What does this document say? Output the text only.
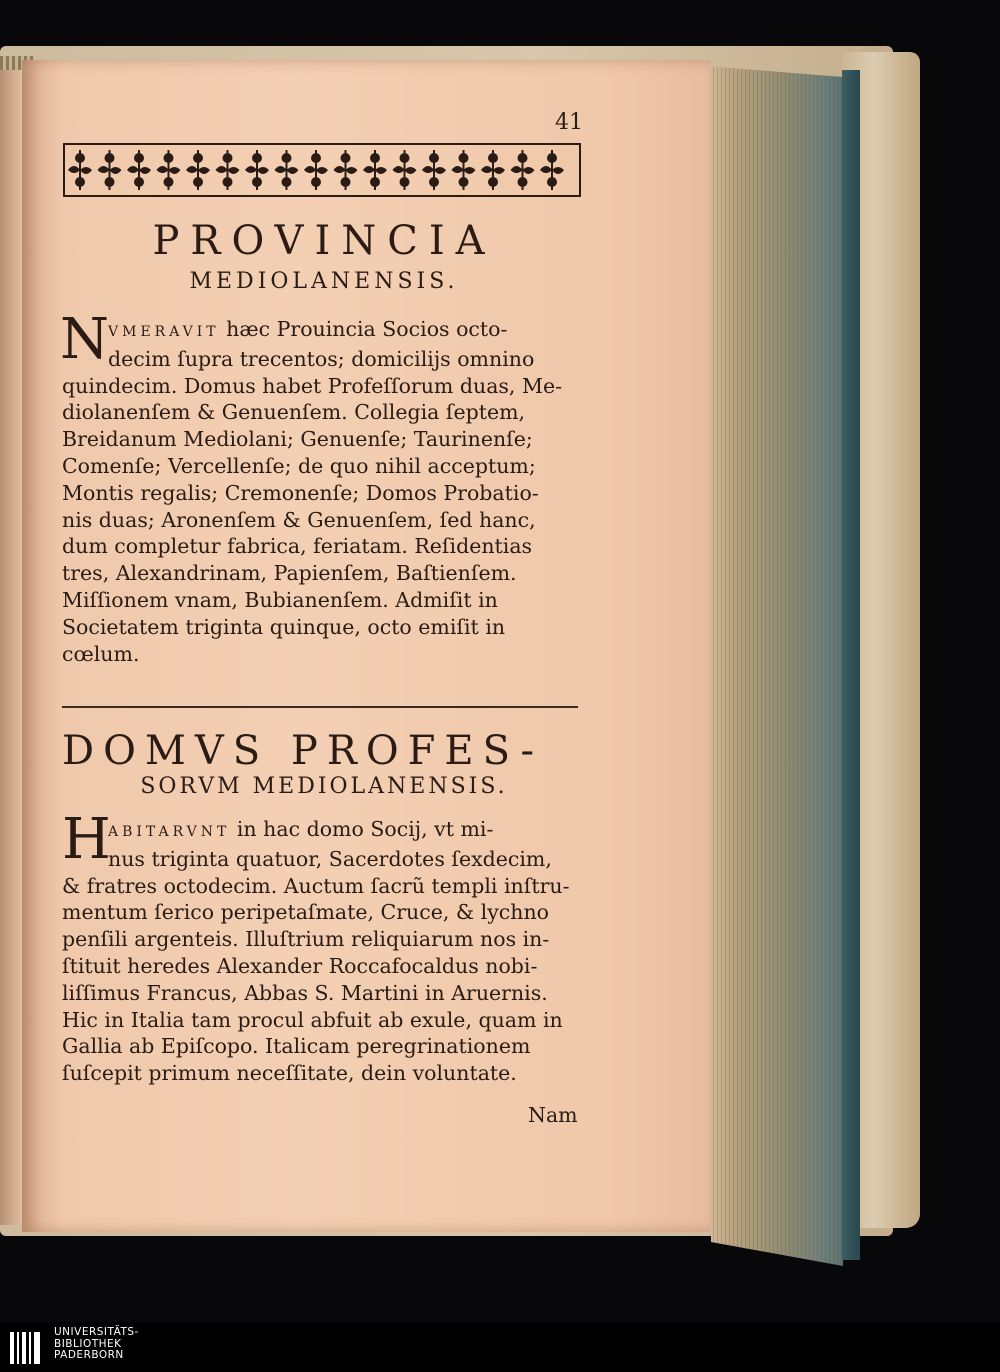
41
PROVINCIA
MEDIOLANENSIS.
N VMERAVIT hæc Prouincia Socios octo-
decim ſupra trecentos; domicilijs omnino
quindecim. Domus habet Profeſſorum duas, Me-
diolanenſem & Genuenſem. Collegia ſeptem,
Breidanum Mediolani; Genuenſe; Taurinenſe;
Comenſe; Vercellenſe; de quo nihil acceptum;
Montis regalis; Cremonenſe; Domos Probatio-
nis duas; Aronenſem & Genuenſem, ſed hanc,
dum completur fabrica, feriatam. Reſidentias
tres, Alexandrinam, Papienſem, Baſtienſem.
Miſſionem vnam, Bubianenſem. Admiſit in
Societatem triginta quinque, octo emiſit in
cœlum.
DOMVS PROFES-
SORVM MEDIOLANENSIS.
H
ABITARVNT in hac domo Socij, vt mi-
nus triginta quatuor, Sacerdotes ſexdecim,
& fratres octodecim. Auctum ſacrũ templi inſtru-
mentum ſerico peripetaſmate, Cruce, & lychno
penſili argenteis. Illuſtrium reliquiarum nos in-
ſtituit heredes Alexander Roccafocaldus nobi-
liſſimus Francus, Abbas S. Martini in Aruernis.
Hic in Italia tam procul abfuit ab exule, quam in
Gallia ab Epiſcopo. Italicam peregrinationem
ſuſcepit primum neceſſitate, dein voluntate.
Nam
UNIVERSITÄTS-
BIBLIOTHEK
PADERBORN
